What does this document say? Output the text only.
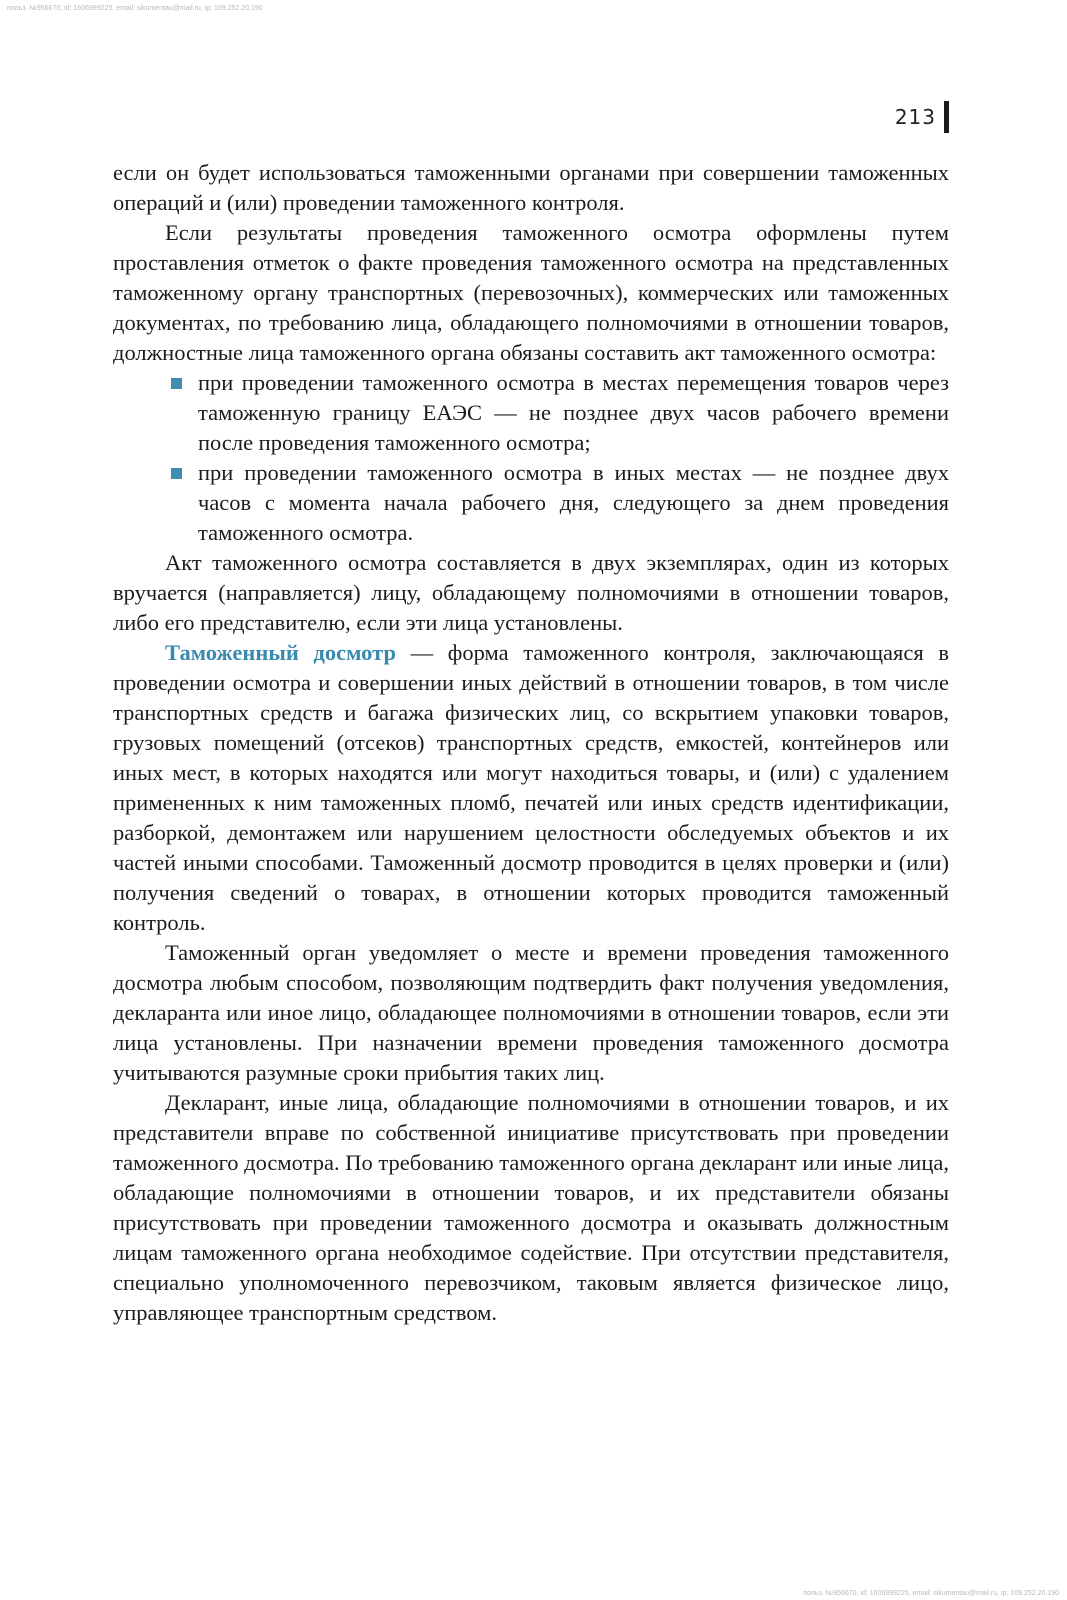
польз. №956670, id: 1606999225, email: sikumentau@mail.ru, ip: 109.252.20.190
213

если он будет использоваться таможенными органами при совершении таможенных операций и (или) проведении таможенного контроля.

Если результаты проведения таможенного осмотра оформлены путем проставления отметок о факте проведения таможенного осмотра на представленных таможенному органу транспортных (перевозочных), коммерческих или таможенных документах, по требованию лица, обладающего полномочиями в отношении товаров, должностные лица таможенного органа обязаны составить акт таможенного осмотра:

при проведении таможенного осмотра в местах перемещения товаров через таможенную границу ЕАЭС — не позднее двух часов рабочего времени после проведения таможенного осмотра;
при проведении таможенного осмотра в иных местах — не позднее двух часов с момента начала рабочего дня, следующего за днем проведения таможенного осмотра.

Акт таможенного осмотра составляется в двух экземплярах, один из которых вручается (направляется) лицу, обладающему полномочиями в отношении товаров, либо его представителю, если эти лица установлены.

Таможенный досмотр — форма таможенного контроля, заключающаяся в проведении осмотра и совершении иных действий в отношении товаров, в том числе транспортных средств и багажа физических лиц, со вскрытием упаковки товаров, грузовых помещений (отсеков) транспортных средств, емкостей, контейнеров или иных мест, в которых находятся или могут находиться товары, и (или) с удалением примененных к ним таможенных пломб, печатей или иных средств идентификации, разборкой, демонтажем или нарушением целостности обследуемых объектов и их частей иными способами. Таможенный досмотр проводится в целях проверки и (или) получения сведений о товарах, в отношении которых проводится таможенный контроль.

Таможенный орган уведомляет о месте и времени проведения таможенного досмотра любым способом, позволяющим подтвердить факт получения уведомления, декларанта или иное лицо, обладающее полномочиями в отношении товаров, если эти лица установлены. При назначении времени проведения таможенного досмотра учитываются разумные сроки прибытия таких лиц.

Декларант, иные лица, обладающие полномочиями в отношении товаров, и их представители вправе по собственной инициативе присутствовать при проведении таможенного досмотра. По требованию таможенного органа декларант или иные лица, обладающие полномочиями в отношении товаров, и их представители обязаны присутствовать при проведении таможенного досмотра и оказывать должностным лицам таможенного органа необходимое содействие. При отсутствии представителя, специально уполномоченного перевозчиком, таковым является физическое лицо, управляющее транспортным средством.

польз. №956670, id: 1606999225, email: sikumentau@mail.ru, ip: 109.252.20.190
